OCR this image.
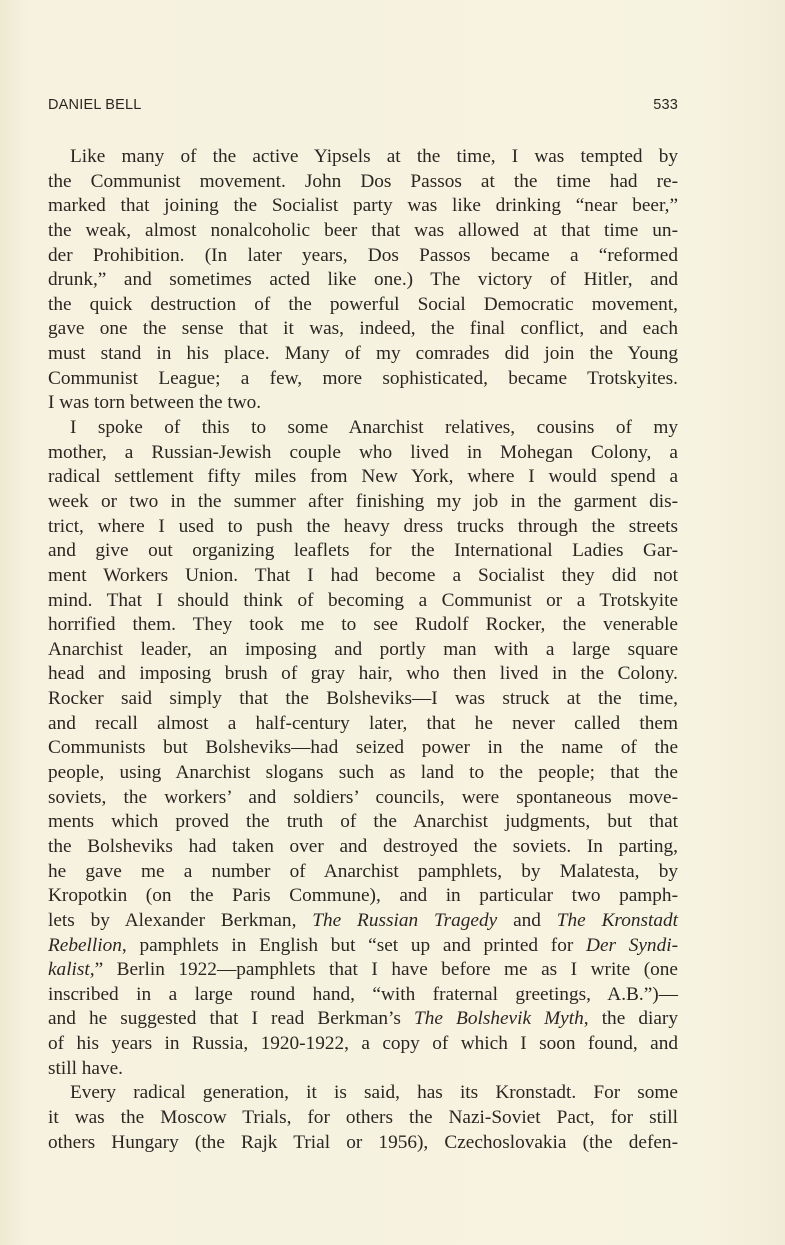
DANIEL BELL	533
Like many of the active Yipsels at the time, I was tempted by
the Communist movement. John Dos Passos at the time had re-
marked that joining the Socialist party was like drinking “near beer,”
the weak, almost nonalcoholic beer that was allowed at that time un-
der Prohibition. (In later years, Dos Passos became a “reformed
drunk,” and sometimes acted like one.) The victory of Hitler, and
the quick destruction of the powerful Social Democratic movement,
gave one the sense that it was, indeed, the final conflict, and each
must stand in his place. Many of my comrades did join the Young
Communist League; a few, more sophisticated, became Trotskyites.
I was torn between the two.
I spoke of this to some Anarchist relatives, cousins of my
mother, a Russian-Jewish couple who lived in Mohegan Colony, a
radical settlement fifty miles from New York, where I would spend a
week or two in the summer after finishing my job in the garment dis-
trict, where I used to push the heavy dress trucks through the streets
and give out organizing leaflets for the International Ladies Gar-
ment Workers Union. That I had become a Socialist they did not
mind. That I should think of becoming a Communist or a Trotskyite
horrified them. They took me to see Rudolf Rocker, the venerable
Anarchist leader, an imposing and portly man with a large square
head and imposing brush of gray hair, who then lived in the Colony.
Rocker said simply that the Bolsheviks—I was struck at the time,
and recall almost a half-century later, that he never called them
Communists but Bolsheviks—had seized power in the name of the
people, using Anarchist slogans such as land to the people; that the
soviets, the workers’ and soldiers’ councils, were spontaneous move-
ments which proved the truth of the Anarchist judgments, but that
the Bolsheviks had taken over and destroyed the soviets. In parting,
he gave me a number of Anarchist pamphlets, by Malatesta, by
Kropotkin (on the Paris Commune), and in particular two pamph-
lets by Alexander Berkman, The Russian Tragedy and The Kronstadt
Rebellion, pamphlets in English but “set up and printed for Der Syndi-
kalist,” Berlin 1922—pamphlets that I have before me as I write (one
inscribed in a large round hand, “with fraternal greetings, A.B.”)—
and he suggested that I read Berkman’s The Bolshevik Myth, the diary
of his years in Russia, 1920-1922, a copy of which I soon found, and
still have.
Every radical generation, it is said, has its Kronstadt. For some
it was the Moscow Trials, for others the Nazi-Soviet Pact, for still
others Hungary (the Rajk Trial or 1956), Czechoslovakia (the defen-
